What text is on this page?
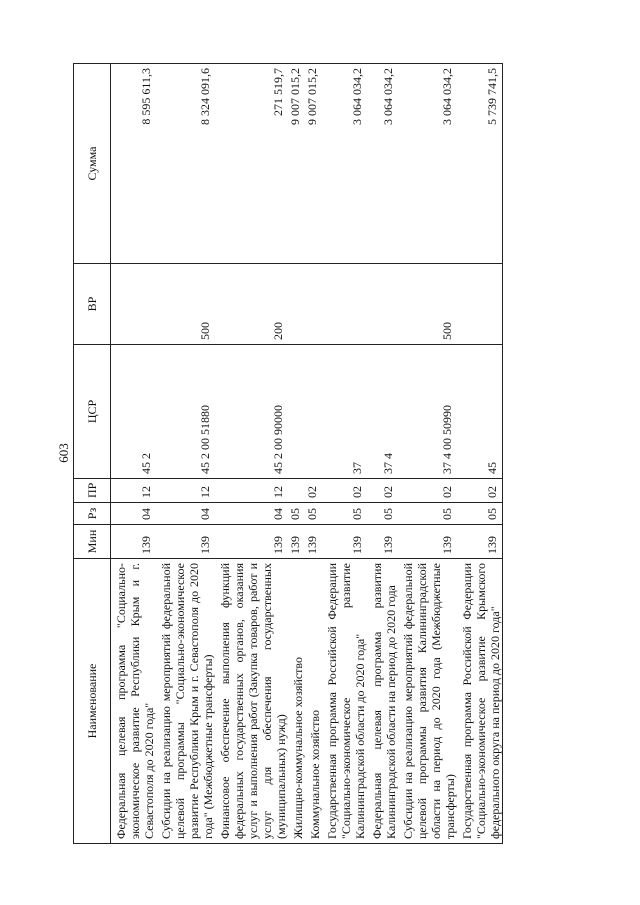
603
Наименование	Мин	Рз	ПР	ЦСР	ВР	Сумма
Федеральная целевая программа "Социально-экономическое развитие Республики Крым и г. Севастополя до 2020 года"	139	04	12	45 2		8 595 611,3
Субсидии на реализацию мероприятий федеральной целевой программы "Социально-экономическое развитие Республики Крым и г. Севастополя до 2020 года" (Межбюджетные трансферты)	139	04	12	45 2 00 51880	500	8 324 091,6
Финансовое обеспечение выполнения функций федеральных государственных органов, оказания услуг и выполнения работ (Закупка товаров, работ и услуг для обеспечения государственных (муниципальных) нужд)	139	04	12	45 2 00 90000	200	271 519,7
Жилищно-коммунальное хозяйство	139	05				9 007 015,2
Коммунальное хозяйство	139	05	02			9 007 015,2
Государственная программа Российской Федерации "Социально-экономическое развитие Калининградской области до 2020 года"	139	05	02	37		3 064 034,2
Федеральная целевая программа развития Калининградской области на период до 2020 года	139	05	02	37 4		3 064 034,2
Субсидии на реализацию мероприятий федеральной целевой программы развития Калининградской области на период до 2020 года (Межбюджетные трансферты)	139	05	02	37 4 00 50990	500	3 064 034,2
Государственная программа Российской Федерации "Социально-экономическое развитие Крымского федерального округа на период до 2020 года"	139	05	02	45		5 739 741,5
